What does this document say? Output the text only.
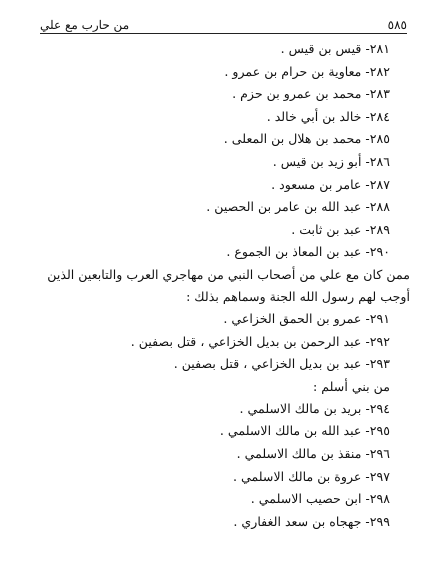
٥٨٥
من حارب مع علي
٢٨١- قيس بن قيس .
٢٨٢- معاوية بن حرام بن عمرو .
٢٨٣- محمد بن عمرو بن حزم .
٢٨٤- خالد بن أبي خالد .
٢٨٥- محمد بن هلال بن المعلى .
٢٨٦- أبو زيد بن قيس .
٢٨٧- عامر بن مسعود .
٢٨٨- عبد الله بن عامر بن الحصين .
٢٨٩- عبد بن ثابت .
٢٩٠- عبد بن المعاذ بن الجموع .
ممن كان مع علي من أصحاب النبي من مهاجري العرب والتابعين الذين
أوجب لهم رسول الله الجنة وسماهم بذلك :
٢٩١- عمرو بن الحمق الخزاعي .
٢٩٢- عبد الرحمن بن بديل الخزاعي ، قتل بصفين .
٢٩٣- عبد بن بديل الخزاعي ، قتل بصفين .
من بني أسلم :
٢٩٤- بريد بن مالك الاسلمي .
٢٩٥- عبد الله بن مالك الاسلمي .
٢٩٦- منقذ بن مالك الاسلمي .
٢٩٧- عروة بن مالك الاسلمي .
٢٩٨- ابن حصيب الاسلمي .
٢٩٩- جهجاه بن سعد الغفاري .
